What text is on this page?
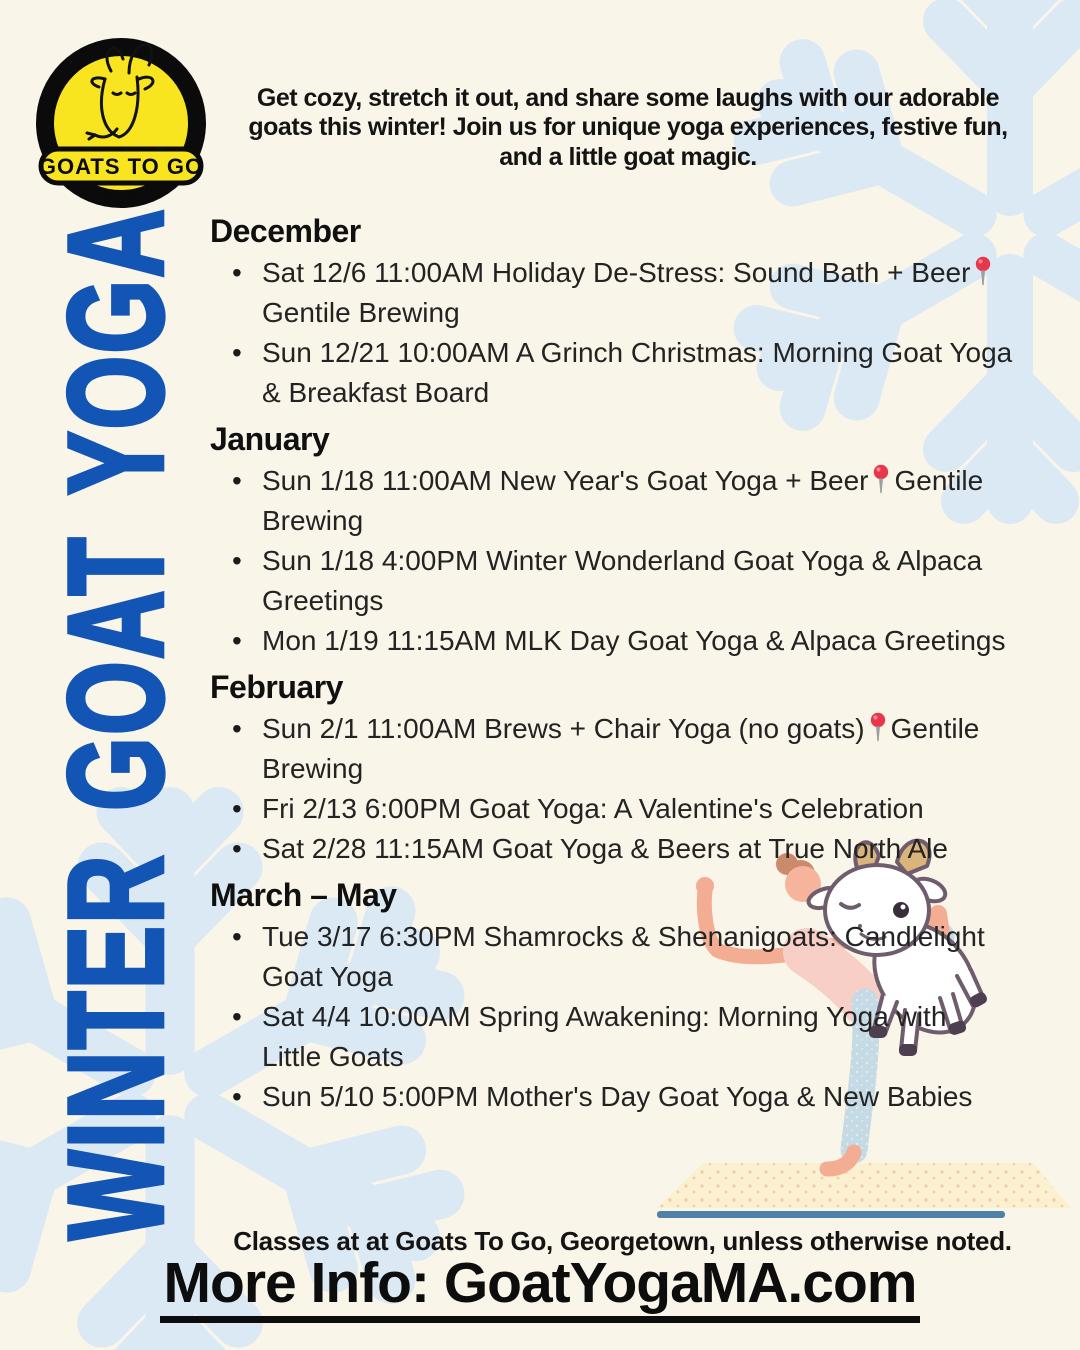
GOATS TO GO
www.goatstogo.farm
Get cozy, stretch it out, and share some laughs with our adorable goats this winter! Join us for unique yoga experiences, festive fun, and a little goat magic.
WINTER GOAT YOGA December
• Sat 12/6 11:00AM Holiday De-Stress: Sound Bath + Beer
Gentile Brewing
• Sun 12/21 10:00AM A Grinch Christmas: Morning Goat Yoga & Breakfast Board
January
• Sun 1/18 11:00AM New Year's Goat Yoga + Beer Gentile Brewing
• Sun 1/18 4:00PM Winter Wonderland Goat Yoga & Alpaca Greetings
• Mon 1/19 11:15AM MLK Day Goat Yoga & Alpaca Greetings
February
• Sun 2/1 11:00AM Brews + Chair Yoga (no goats) Gentile Brewing
• Fri 2/13 6:00PM Goat Yoga: A Valentine's Celebration
• Sat 2/28 11:15AM Goat Yoga & Beers at True North Ale
March – May
• Tue 3/17 6:30PM Shamrocks & Shenanigoats: Candlelight Goat Yoga
• Sat 4/4 10:00AM Spring Awakening: Morning Yoga with Little Goats
• Sun 5/10 5:00PM Mother's Day Goat Yoga & New Babies
Classes at at Goats To Go, Georgetown, unless otherwise noted.
More Info: GoatYogaMA.com
